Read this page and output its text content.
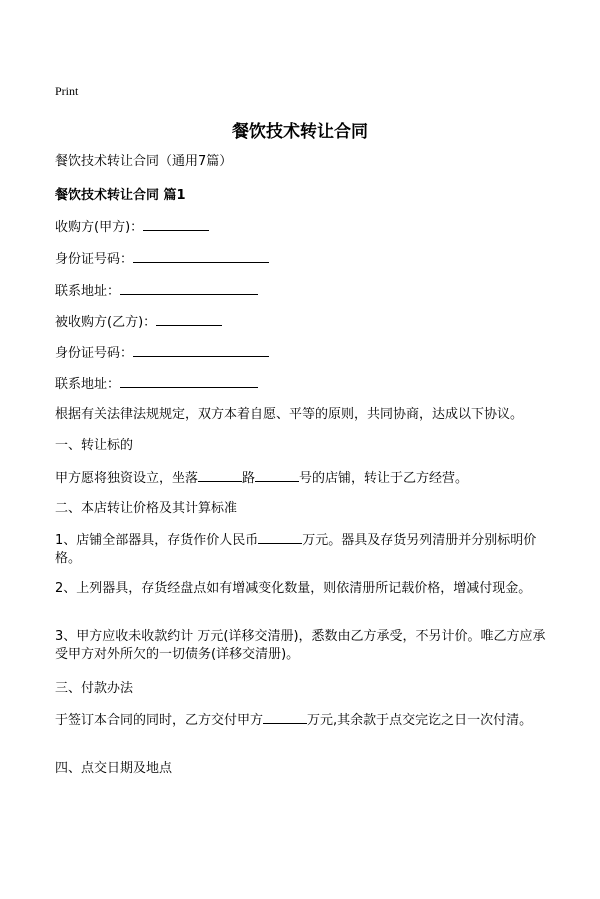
Print
餐饮技术转让合同
餐饮技术转让合同（通用7篇）
餐饮技术转让合同 篇1
收购方(甲方)：
身份证号码：
联系地址：
被收购方(乙方)：
身份证号码：
联系地址：
根据有关法律法规规定，双方本着自愿、平等的原则，共同协商，达成以下协议。
一、转让标的
甲方愿将独资设立，坐落	路	号的店铺，转让于乙方经营。
二、本店转让价格及其计算标准
1、店铺全部器具，存货作价人民币	万元。器具及存货另列清册并分别标明价格。
2、上列器具，存货经盘点如有增减变化数量，则依清册所记载价格，增减付现金。
3、甲方应收未收款约计 万元(详移交清册)，悉数由乙方承受，不另计价。唯乙方应承受甲方对外所欠的一切债务(详移交清册)。
三、付款办法
于签订本合同的同时，乙方交付甲方	万元,其余款于点交完讫之日一次付清。
四、点交日期及地点
